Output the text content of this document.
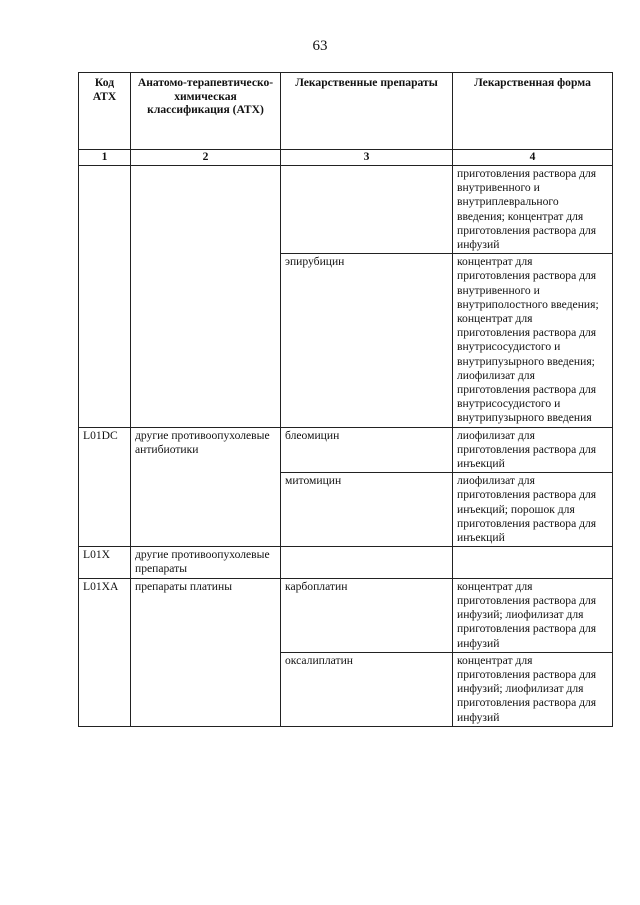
63
Код АТХ	Анатомо-терапевтическо-химическая классификация (АТХ)	Лекарственные препараты	Лекарственная форма
1	2	3	4
			приготовления раствора для внутривенного и внутриплеврального введения; концентрат для приготовления раствора для инфузий
		эпирубицин	концентрат для приготовления раствора для внутривенного и внутриполостного введения; концентрат для приготовления раствора для внутрисосудистого и внутрипузырного введения; лиофилизат для приготовления раствора для внутрисосудистого и внутрипузырного введения
L01DC	другие противоопухолевые антибиотики	блеомицин	лиофилизат для приготовления раствора для инъекций
		митомицин	лиофилизат для приготовления раствора для инъекций; порошок для приготовления раствора для инъекций
L01X	другие противоопухолевые препараты		
L01XA	препараты платины	карбоплатин	концентрат для приготовления раствора для инфузий; лиофилизат для приготовления раствора для инфузий
		оксалиплатин	концентрат для приготовления раствора для инфузий; лиофилизат для приготовления раствора для инфузий
